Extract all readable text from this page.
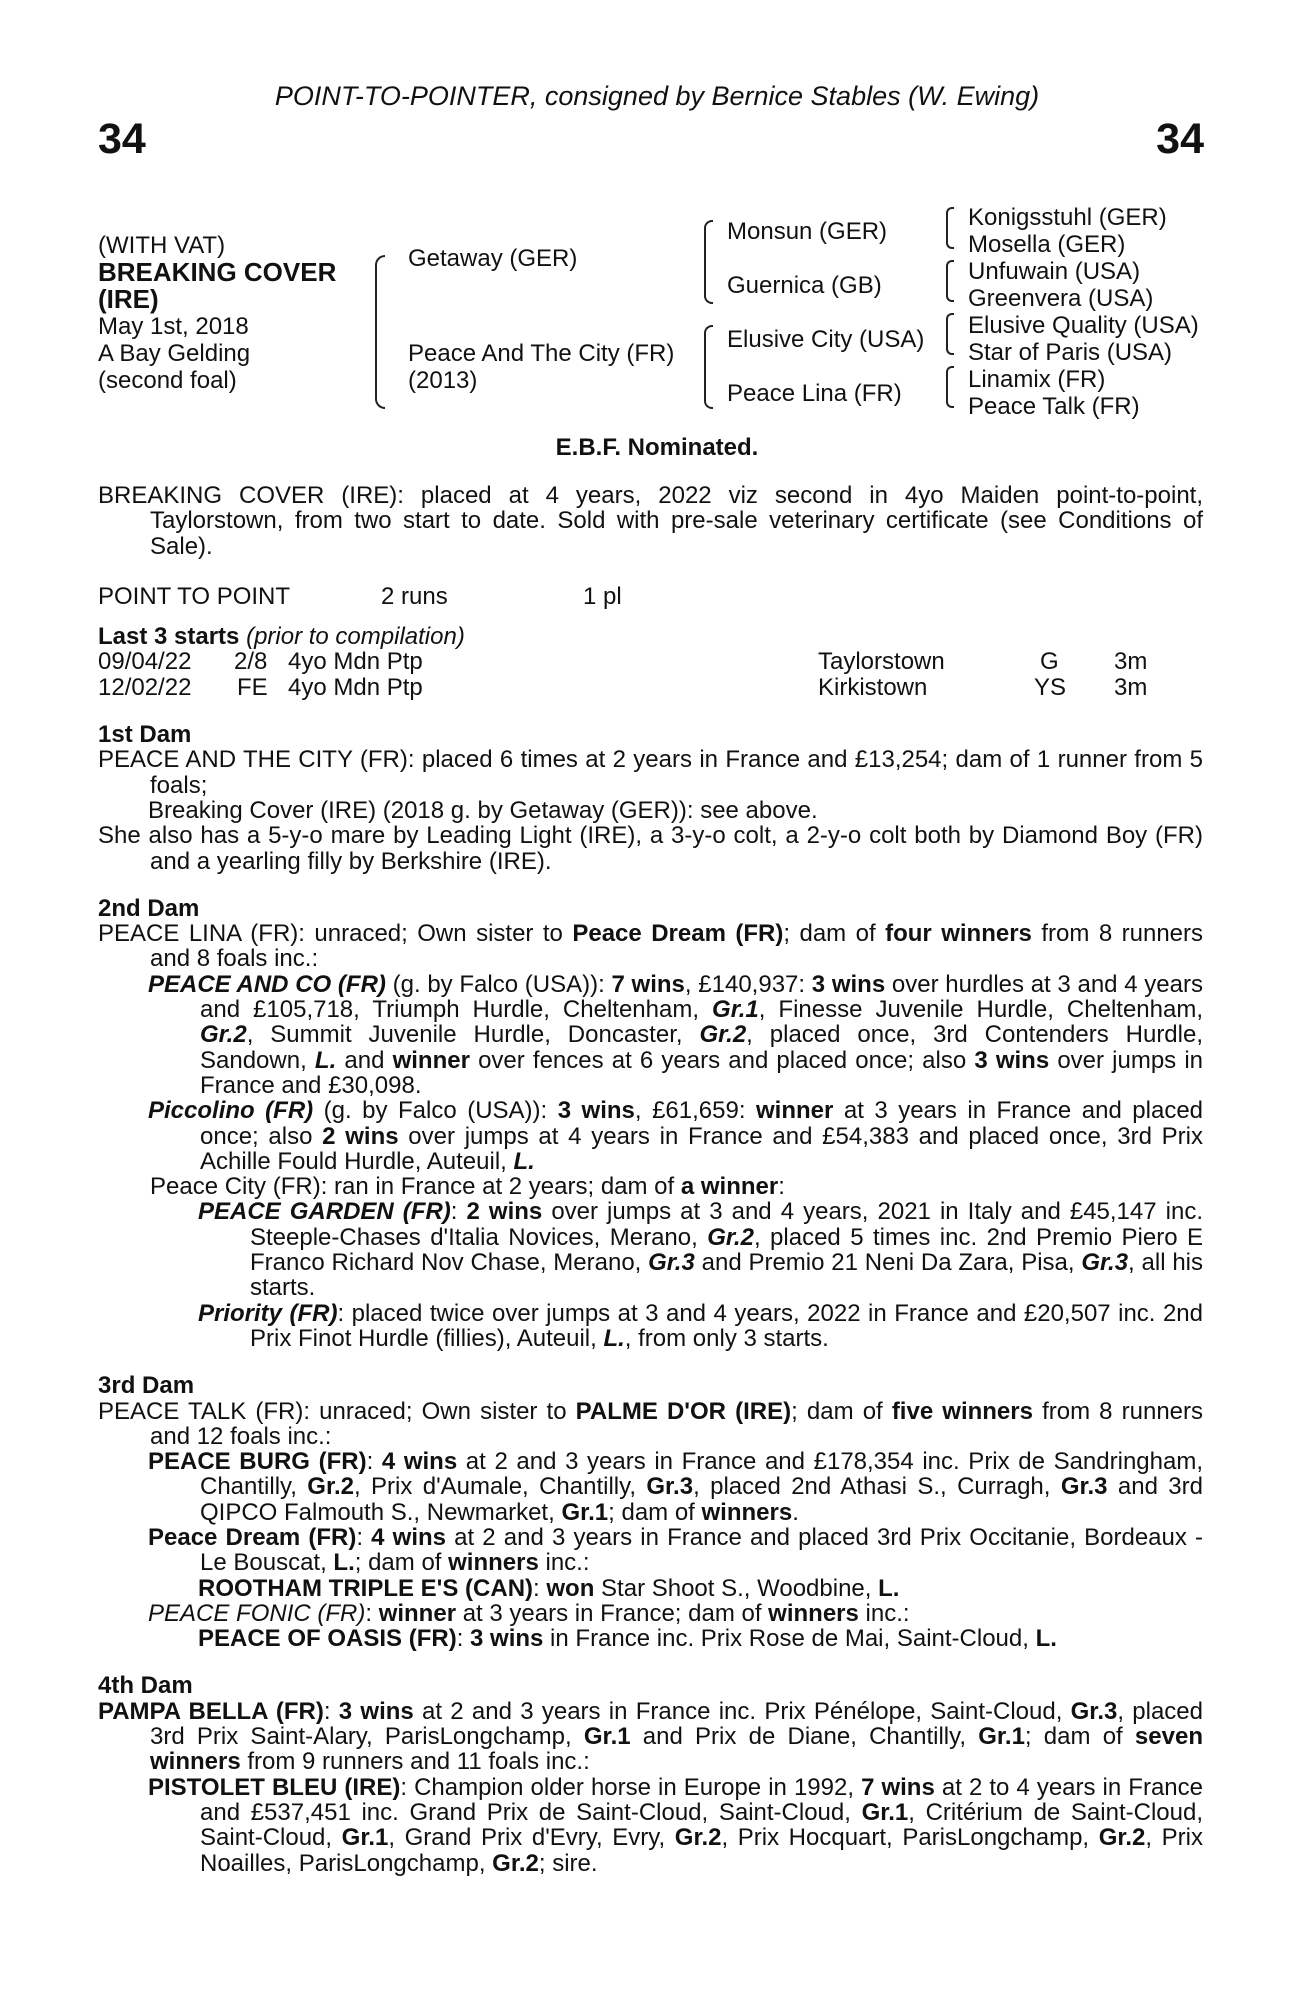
34	34
POINT-TO-POINTER, consigned by Bernice Stables (W. Ewing)
(WITH VAT)
BREAKING COVER
(IRE)
May 1st, 2018
A Bay Gelding
(second foal)
Getaway (GER)
Peace And The City (FR)
(2013)
Monsun (GER)
Guernica (GB)
Elusive City (USA)
Peace Lina (FR)
Konigsstuhl (GER)
Mosella (GER)
Unfuwain (USA)
Greenvera (USA)
Elusive Quality (USA)
Star of Paris (USA)
Linamix (FR)
Peace Talk (FR)
E.B.F. Nominated.

BREAKING COVER (IRE): placed at 4 years, 2022 viz second in 4yo Maiden point-to-point, Taylorstown, from two start to date. Sold with pre-sale veterinary certificate (see Conditions of Sale).

POINT TO POINT	2 runs	1 pl
Last 3 starts (prior to compilation)
09/04/22 2/8 4yo Mdn Ptp	Taylorstown	G 3m
12/02/22 FE 4yo Mdn Ptp	Kirkistown	YS 3m
1st Dam

PEACE AND THE CITY (FR): placed 6 times at 2 years in France and £13,254; dam of 1 runner from 5 foals;

Breaking Cover (IRE) (2018 g. by Getaway (GER)): see above.

She also has a 5-y-o mare by Leading Light (IRE), a 3-y-o colt, a 2-y-o colt both by Diamond Boy (FR) and a yearling filly by Berkshire (IRE).

2nd Dam

PEACE LINA (FR): unraced; Own sister to Peace Dream (FR); dam of four winners from 8 runners and 8 foals inc.:

PEACE AND CO (FR) (g. by Falco (USA)): 7 wins, £140,937: 3 wins over hurdles at 3 and 4 years and £105,718, Triumph Hurdle, Cheltenham, Gr.1, Finesse Juvenile Hurdle, Cheltenham, Gr.2, Summit Juvenile Hurdle, Doncaster, Gr.2, placed once, 3rd Contenders Hurdle, Sandown, L. and winner over fences at 6 years and placed once; also 3 wins over jumps in France and £30,098.

Piccolino (FR) (g. by Falco (USA)): 3 wins, £61,659: winner at 3 years in France and placed once; also 2 wins over jumps at 4 years in France and £54,383 and placed once, 3rd Prix Achille Fould Hurdle, Auteuil, L.

Peace City (FR): ran in France at 2 years; dam of a winner:

PEACE GARDEN (FR): 2 wins over jumps at 3 and 4 years, 2021 in Italy and £45,147 inc. Steeple-Chases d'Italia Novices, Merano, Gr.2, placed 5 times inc. 2nd Premio Piero E Franco Richard Nov Chase, Merano, Gr.3 and Premio 21 Neni Da Zara, Pisa, Gr.3, all his starts.

Priority (FR): placed twice over jumps at 3 and 4 years, 2022 in France and £20,507 inc. 2nd Prix Finot Hurdle (fillies), Auteuil, L., from only 3 starts.

3rd Dam

PEACE TALK (FR): unraced; Own sister to PALME D'OR (IRE); dam of five winners from 8 runners and 12 foals inc.:

PEACE BURG (FR): 4 wins at 2 and 3 years in France and £178,354 inc. Prix de Sandringham, Chantilly, Gr.2, Prix d'Aumale, Chantilly, Gr.3, placed 2nd Athasi S., Curragh, Gr.3 and 3rd QIPCO Falmouth S., Newmarket, Gr.1; dam of winners.

Peace Dream (FR): 4 wins at 2 and 3 years in France and placed 3rd Prix Occitanie, Bordeaux - Le Bouscat, L.; dam of winners inc.:

ROOTHAM TRIPLE E'S (CAN): won Star Shoot S., Woodbine, L.

PEACE FONIC (FR): winner at 3 years in France; dam of winners inc.:

PEACE OF OASIS (FR): 3 wins in France inc. Prix Rose de Mai, Saint-Cloud, L.

4th Dam

PAMPA BELLA (FR): 3 wins at 2 and 3 years in France inc. Prix Pénélope, Saint-Cloud, Gr.3, placed 3rd Prix Saint-Alary, ParisLongchamp, Gr.1 and Prix de Diane, Chantilly, Gr.1; dam of seven winners from 9 runners and 11 foals inc.:

PISTOLET BLEU (IRE): Champion older horse in Europe in 1992, 7 wins at 2 to 4 years in France and £537,451 inc. Grand Prix de Saint-Cloud, Saint-Cloud, Gr.1, Critérium de Saint-Cloud, Saint-Cloud, Gr.1, Grand Prix d'Evry, Evry, Gr.2, Prix Hocquart, ParisLongchamp, Gr.2, Prix Noailles, ParisLongchamp, Gr.2; sire.
